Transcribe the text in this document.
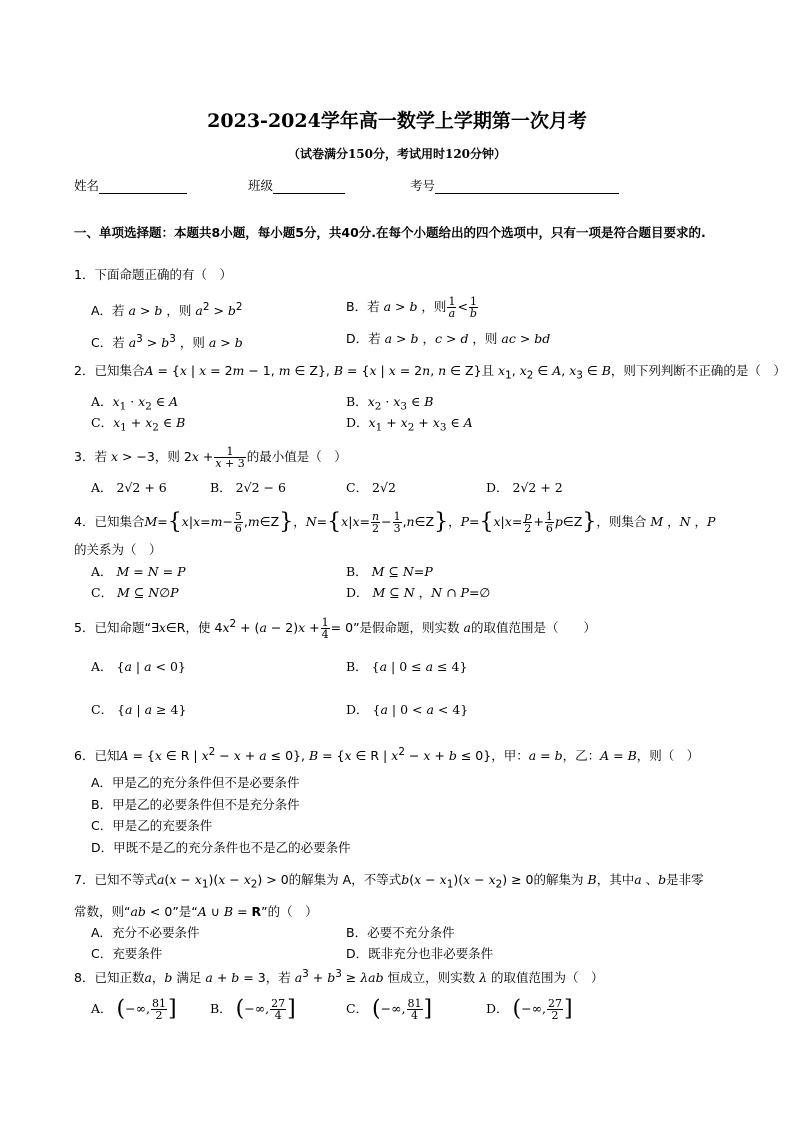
2023-2024学年高一数学上学期第一次月考
（试卷满分150分，考试用时120分钟）
姓名	班级	考号
一、单项选择题：本题共8小题，每小题5分，共40分.在每个小题给出的四个选项中，只有一项是符合题目要求的.
1．下面命题正确的有（　）
A．若 a > b ，则 $a^2 > b^2$	B．若 a > b ，则 $\frac{1}{a} < \frac{1}{b}$
C．若 $a^3 > b^3$ ，则 a > b	D．若 a > b ，c > d ，则 ac > bd
2．已知集合A = {x | x = 2m − 1, m ∈ Z}, B = {x | x = 2n, n ∈ Z}且 $x_1$, $x_2$ ∈ A, $x_3$ ∈ B，则下列判断不正确的是（　）
A．$x_1 \cdot x_2$ ∈ A	B．$x_2 \cdot x_3$ ∈ B
C．$x_1 + x_2$ ∈ B	D．$x_1 + x_2 + x_3$ ∈ A
3．若 x > −3，则 $2x + \frac{1}{x + 3}$ 的最小值是（　）
A． 2√2 + 6	B． 2√2 − 6	C． 2√2	D． 2√2 + 2
4．已知集合$M=\{x|x=m- \frac{5}{6}$ ,m∈Z}，$N=\{x|x= \frac{n}{2} - \frac{1}{3}$ ,n∈Z}，$P=\{x|x= \frac{p}{2} + \frac{1}{6}$ p∈Z}，则集合 M ，N ，P
的关系为（　）
A． M = N = P	B． M ⊆ N=P
C． M ⊆ N∅P	D． M ⊆ N ，N ∩ P=∅
5．已知命题“∃x∈R，使 $4x^2 + (a - 2)x + \frac{1}{4} = 0$”是假命题，则实数 a的取值范围是（　　）
A． {a | a < 0}	B． {a | 0 ≤ a ≤ 4}
C． {a | a ≥ 4}	D． {a | 0 < a < 4}
6．已知A = {x ∈ R | $x^2 - x + a \le 0$}, B = {x ∈ R | $x^2 - x + b \le 0$}，甲：a = b，乙：A = B，则（　）
A．甲是乙的充分条件但不是必要条件
B．甲是乙的必要条件但不是充分条件
C．甲是乙的充要条件
D．甲既不是乙的充分条件也不是乙的必要条件
7．已知不等式$a(x - x_1)(x - x_2) > 0$的解集为 A，不等式$b(x - x_1)(x - x_2) \ge 0$的解集为 B，其中a 、b是非零
常数，则“ab < 0”是“A ∪ B = R”的（　）
A．充分不必要条件	B．必要不充分条件
C．充要条件	D．既非充分也非必要条件
8．已知正数a，b 满足 a + b = 3，若 $a^3 + b^3 \ge \lambda ab$ 恒成立，则实数 λ 的取值范围为（　）
A． (−∞, $\frac{81}{2}$ ]	B． (−∞, $\frac{27}{4}$ ]	C． (−∞, $\frac{81}{4}$ ]	D． (−∞, $\frac{27}{2}$ ]
